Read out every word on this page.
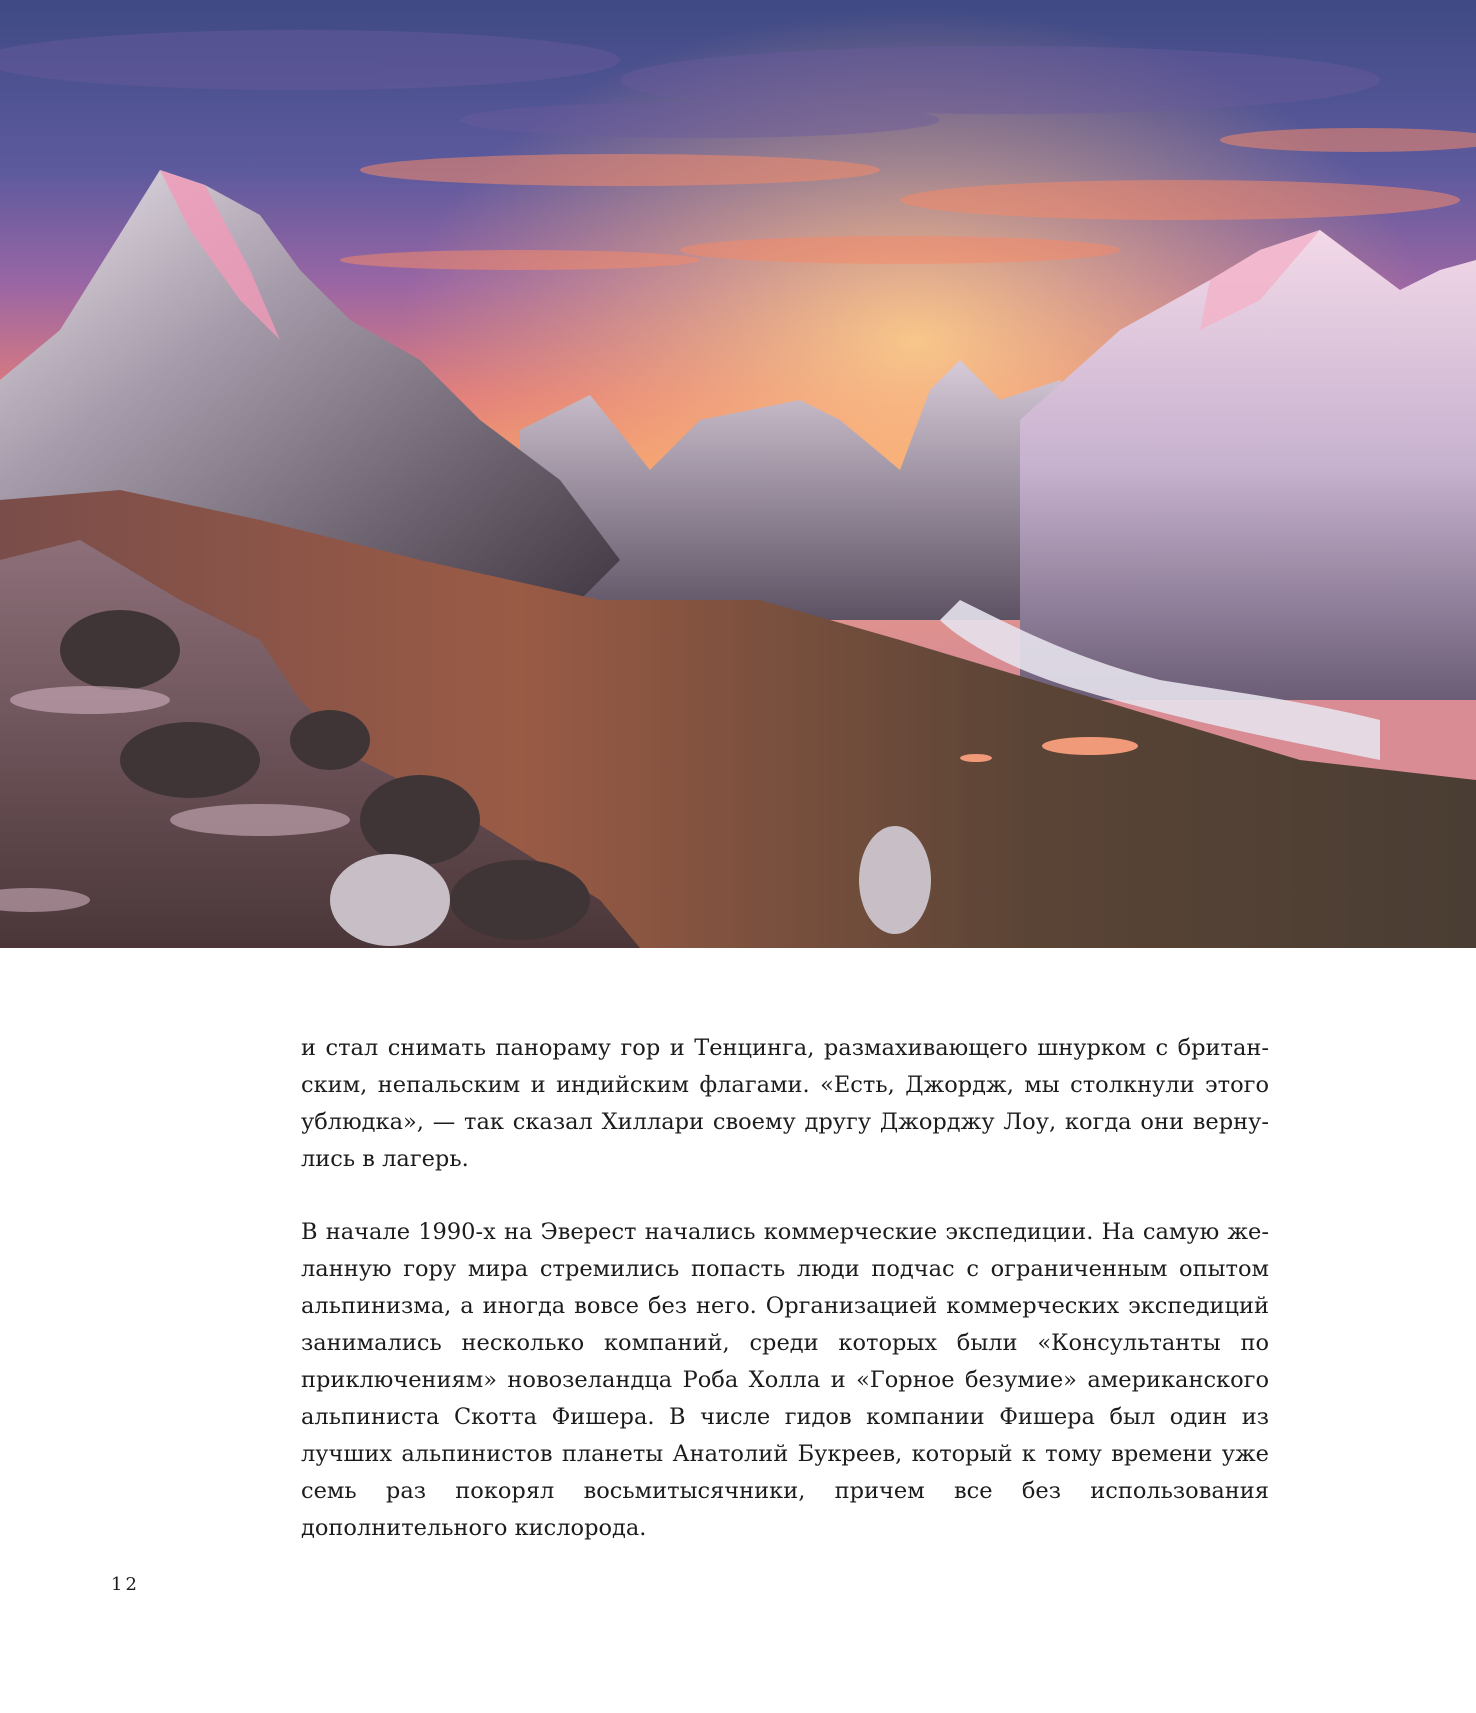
и стал снимать панораму гор и Тенцинга, размахивающего шнурком с британским, непальским и индийским флагами. «Есть, Джордж, мы столкнули этого ублюдка», — так сказал Хиллари своему другу Джорджу Лоу, когда они вернулись в лагерь.

В начале 1990-х на Эверест начались коммерческие экспедиции. На самую желанную гору мира стремились попасть люди подчас с ограниченным опытом альпинизма, а иногда вовсе без него. Организацией коммерческих экспедиций занимались несколько компаний, среди которых были «Консультанты по приключениям» новозеландца Роба Холла и «Горное безумие» американского альпиниста Скотта Фишера. В числе гидов компании Фишера был один из лучших альпинистов планеты Анатолий Букреев, который к тому времени уже семь раз покорял восьмитысячники, причем все без использования дополнительного кислорода.

12
